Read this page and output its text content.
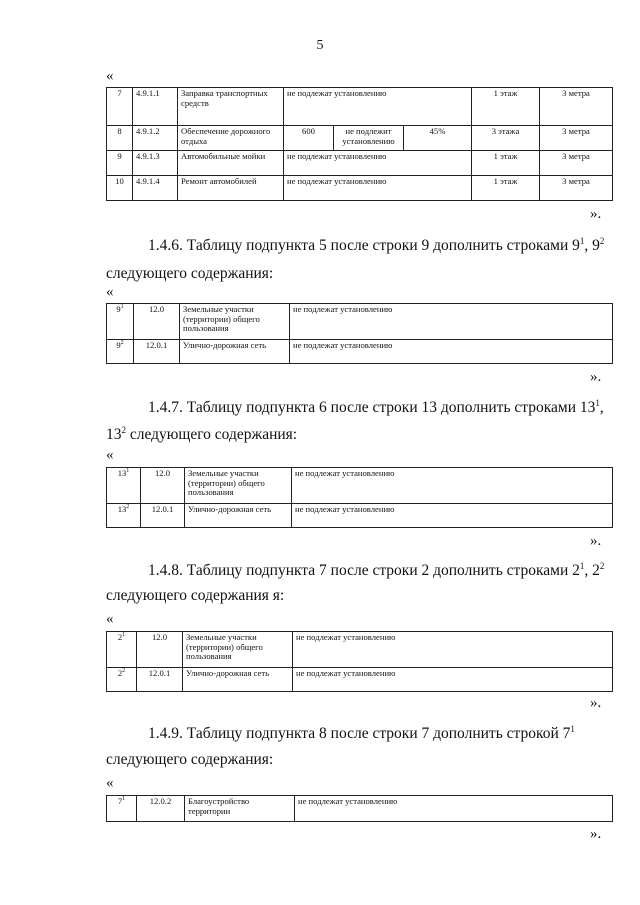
5
«
7	4.9.1.1	Заправка транспортных средств	не подлежат установлению			1 этаж	3 метра
8	4.9.1.2	Обеспечение дорожного отдыха	600	не подлежит установлению	45%	3 этажа	3 метра
9	4.9.1.3	Автомобильные мойки	не подлежат установлению			1 этаж	3 метра
10	4.9.1.4	Ремонт автомобилей	не подлежат установлению			1 этаж	3 метра
».
1.4.6. Таблицу подпункта 5 после строки 9 дополнить строками $9^1$, $9^2$
следующего содержания:
«
$9^1$	12.0	Земельные участки (территории) общего пользования	не подлежат установлению
$9^2$	12.0.1	Улично-дорожная сеть	не подлежат установлению
».
1.4.7. Таблицу подпункта 6 после строки 13 дополнить строками $13^1$,
$13^2$ следующего содержания:
«
$13^1$	12.0	Земельные участки (территории) общего пользования	не подлежат установлению
$13^2$	12.0.1	Улично-дорожная сеть	не подлежат установлению
».
1.4.8. Таблицу подпункта 7 после строки 2 дополнить строками $2^1$, $2^2$
следующего содержания я:
«
$2^1$	12.0	Земельные участки (территории) общего пользования	не подлежат установлению
$2^2$	12.0.1	Улично-дорожная сеть	не подлежат установлению
».
1.4.9. Таблицу подпункта 8 после строки 7 дополнить строкой $7^1$
следующего содержания:
«
$7^1$	12.0.2	Благоустройство территории	не подлежат установлению
».
